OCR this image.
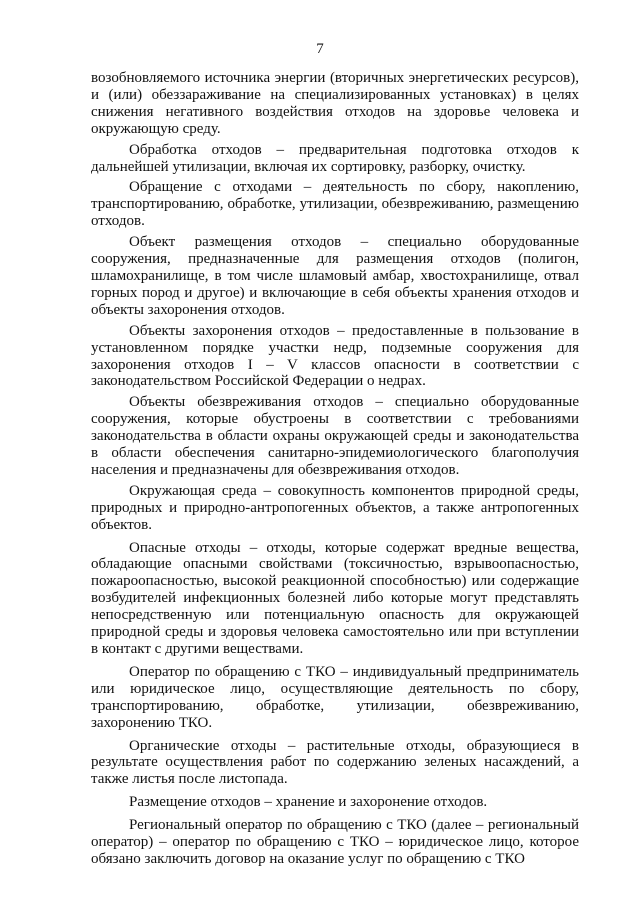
7

возобновляемого источника энергии (вторичных энергетических ресурсов), и (или) обеззараживание на специализированных установках) в целях снижения негативного воздействия отходов на здоровье человека и окружающую среду.

Обработка отходов – предварительная подготовка отходов к дальнейшей утилизации, включая их сортировку, разборку, очистку.

Обращение с отходами – деятельность по сбору, накоплению, транспортированию, обработке, утилизации, обезвреживанию, размещению отходов.

Объект размещения отходов – специально оборудованные сооружения, предназначенные для размещения отходов (полигон, шламохранилище, в том числе шламовый амбар, хвостохранилище, отвал горных пород и другое) и включающие в себя объекты хранения отходов и объекты захоронения отходов.

Объекты захоронения отходов – предоставленные в пользование в установленном порядке участки недр, подземные сооружения для захоронения отходов I – V классов опасности в соответствии с законодательством Российской Федерации о недрах.

Объекты обезвреживания отходов – специально оборудованные сооружения, которые обустроены в соответствии с требованиями законодательства в области охраны окружающей среды и законодательства в области обеспечения санитарно-эпидемиологического благополучия населения и предназначены для обезвреживания отходов.

Окружающая среда – совокупность компонентов природной среды, природных и природно-антропогенных объектов, а также антропогенных объектов.

Опасные отходы – отходы, которые содержат вредные вещества, обладающие опасными свойствами (токсичностью, взрывоопасностью, пожароопасностью, высокой реакционной способностью) или содержащие возбудителей инфекционных болезней либо которые могут представлять непосредственную или потенциальную опасность для окружающей природной среды и здоровья человека самостоятельно или при вступлении в контакт с другими веществами.

Оператор по обращению с ТКО – индивидуальный предприниматель или юридическое лицо, осуществляющие деятельность по сбору, транспортированию, обработке, утилизации, обезвреживанию, захоронению ТКО.

Органические отходы – растительные отходы, образующиеся в результате осуществления работ по содержанию зеленых насаждений, а также листья после листопада.

Размещение отходов – хранение и захоронение отходов.

Региональный оператор по обращению с ТКО (далее – региональный оператор) – оператор по обращению с ТКО – юридическое лицо, которое обязано заключить договор на оказание услуг по обращению с ТКО
